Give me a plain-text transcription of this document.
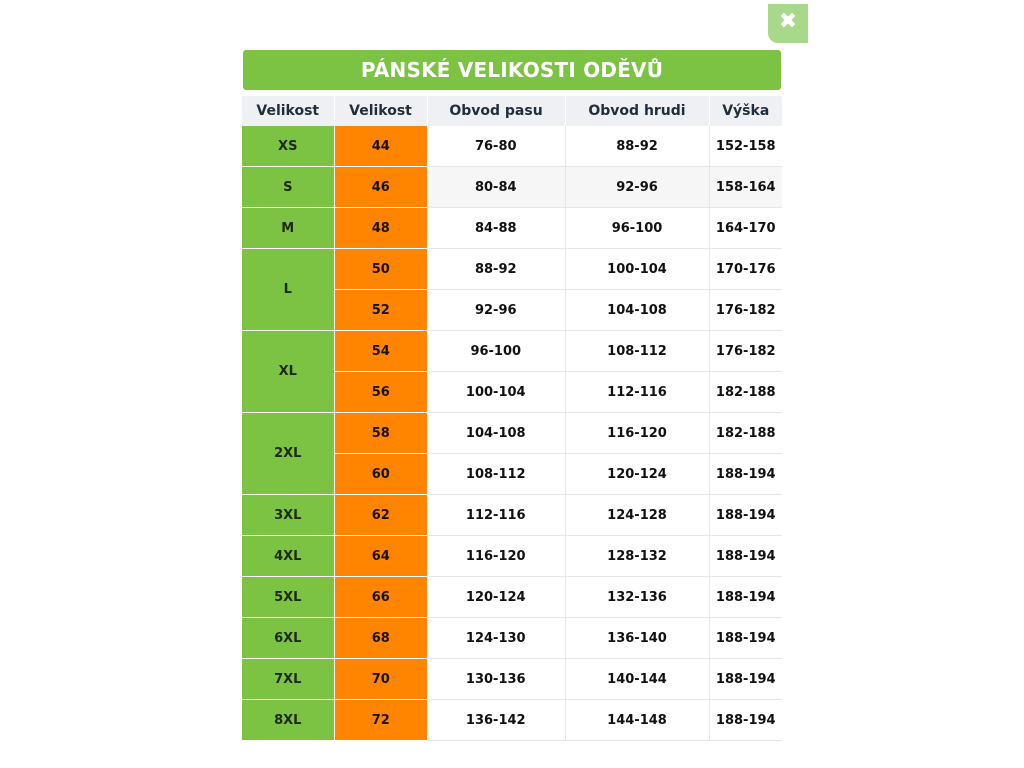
✖
PÁNSKÉ VELIKOSTI ODĚVŮ
Velikost	Velikost	Obvod pasu	Obvod hrudi	Výška
XS	44	76-80	88-92	152-158
S	46	80-84	92-96	158-164
M	48	84-88	96-100	164-170
L	50	88-92	100-104	170-176
	52	92-96	104-108	176-182
XL	54	96-100	108-112	176-182
	56	100-104	112-116	182-188
2XL	58	104-108	116-120	182-188
	60	108-112	120-124	188-194
3XL	62	112-116	124-128	188-194
4XL	64	116-120	128-132	188-194
5XL	66	120-124	132-136	188-194
6XL	68	124-130	136-140	188-194
7XL	70	130-136	140-144	188-194
8XL	72	136-142	144-148	188-194
